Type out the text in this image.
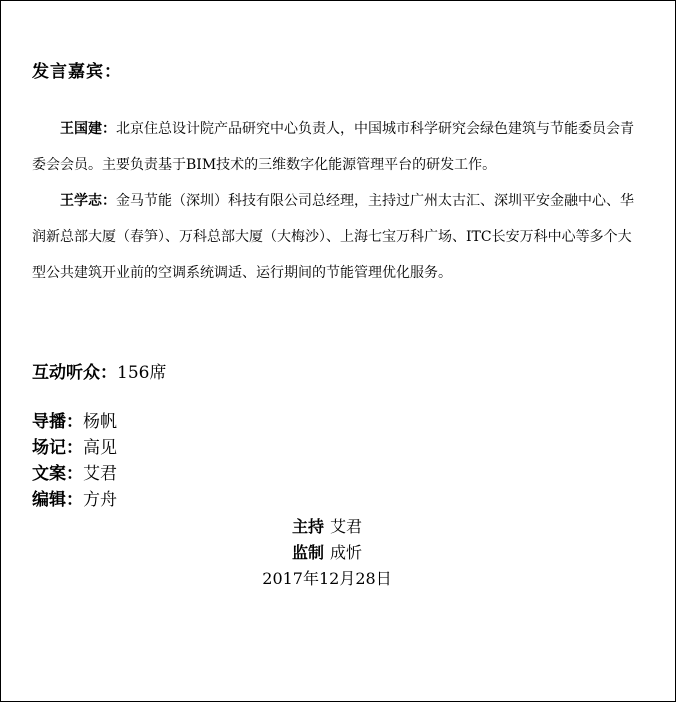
发言嘉宾：

王国建：北京住总设计院产品研究中心负责人，中国城市科学研究会绿色建筑与节能委员会青委会会员。主要负责基于BIM技术的三维数字化能源管理平台的研发工作。

王学志：金马节能（深圳）科技有限公司总经理，主持过广州太古汇、深圳平安金融中心、华润新总部大厦（春笋）、万科总部大厦（大梅沙）、上海七宝万科广场、ITC长安万科中心等多个大型公共建筑开业前的空调系统调适、运行期间的节能管理优化服务。

互动听众：156席
导播：杨帆
场记：高见
文案：艾君
编辑：方舟
主持 艾君
监制 成忻
2017年12月28日
